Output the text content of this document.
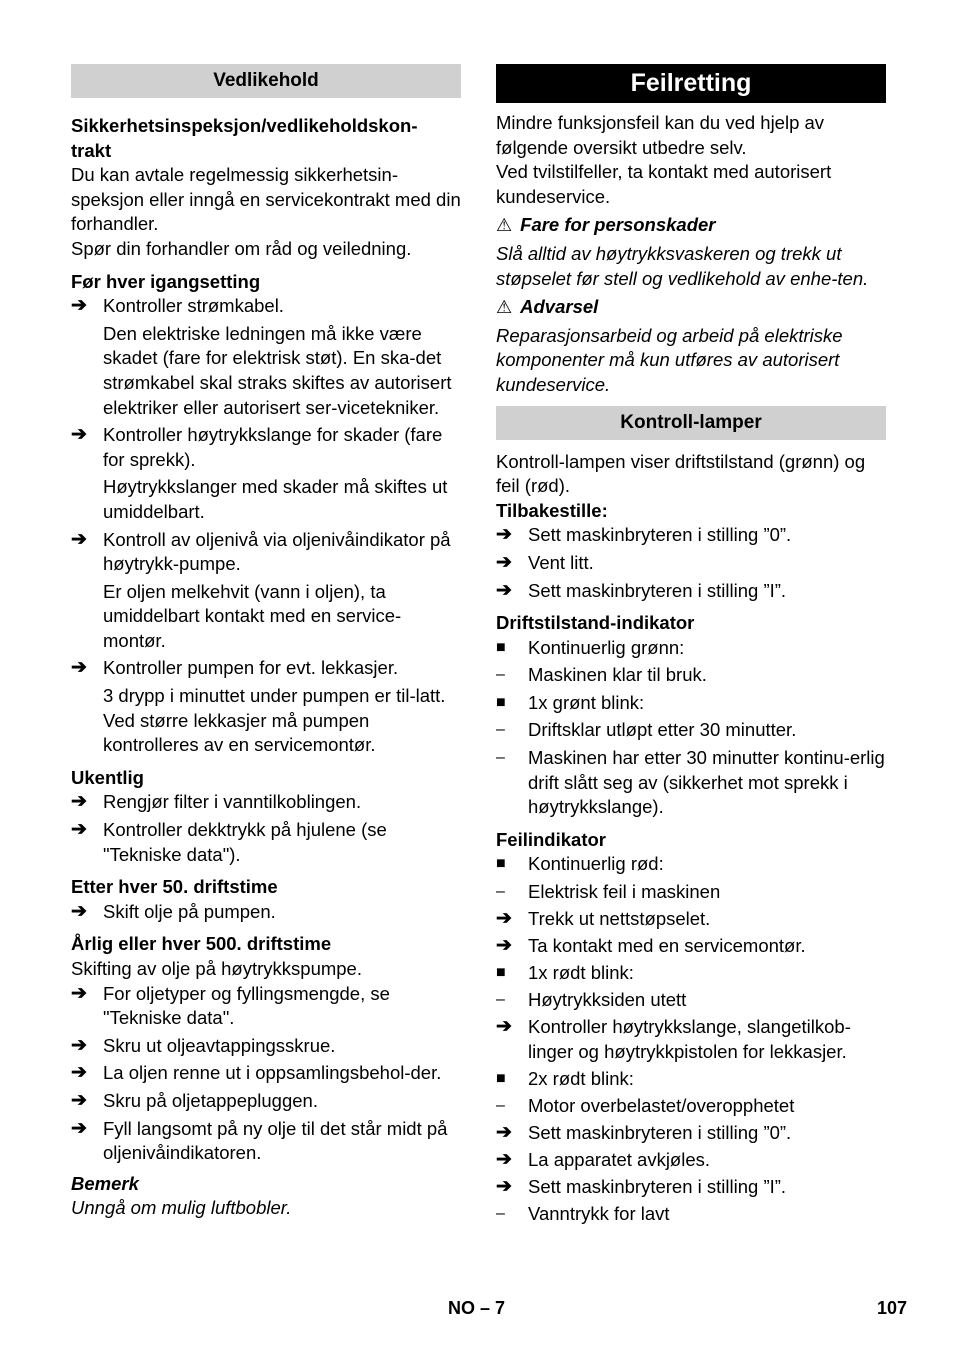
Vedlikehold
Sikkerhetsinspeksjon/vedlikeholdskon-trakt
Du kan avtale regelmessig sikkerhetsin-speksjon eller inngå en servicekontrakt med din forhandler.
Spør din forhandler om råd og veiledning.
Før hver igangsetting
➔ Kontroller strømkabel.
Den elektriske ledningen må ikke være skadet (fare for elektrisk støt). En ska-det strømkabel skal straks skiftes av autorisert elektriker eller autorisert ser-vicetekniker.
➔ Kontroller høytrykkslange for skader (fare for sprekk).
Høytrykkslanger med skader må skiftes ut umiddelbart.
➔ Kontroll av oljenivå via oljenivåindikator på høytrykk-pumpe.
Er oljen melkehvit (vann i oljen), ta umiddelbart kontakt med en service-montør.
➔ Kontroller pumpen for evt. lekkasjer.
3 drypp i minuttet under pumpen er til-latt. Ved større lekkasjer må pumpen kontrolleres av en servicemontør.
Ukentlig
➔ Rengjør filter i vanntilkoblingen.
➔ Kontroller dekktrykk på hjulene (se "Tekniske data").
Etter hver 50. driftstime
➔ Skift olje på pumpen.
Årlig eller hver 500. driftstime
Skifting av olje på høytrykkspumpe.
➔ For oljetyper og fyllingsmengde, se "Tekniske data".
➔ Skru ut oljeavtappingsskrue.
➔ La oljen renne ut i oppsamlingsbehol-der.
➔ Skru på oljetappepluggen.
➔ Fyll langsomt på ny olje til det står midt på oljenivåindikatoren.
Bemerk
Unngå om mulig luftbobler.
Feilretting
Mindre funksjonsfeil kan du ved hjelp av følgende oversikt utbedre selv.
Ved tvilstilfeller, ta kontakt med autorisert kundeservice.
⚠ Fare for personskader
Slå alltid av høytrykksvaskeren og trekk ut støpselet før stell og vedlikehold av enhe-ten.
⚠ Advarsel
Reparasjonsarbeid og arbeid på elektriske komponenter må kun utføres av autorisert kundeservice.
Kontroll-lamper
Kontroll-lampen viser driftstilstand (grønn) og feil (rød).
Tilbakestille:
➔ Sett maskinbryteren i stilling ”0”.
➔ Vent litt.
➔ Sett maskinbryteren i stilling ”I”.
Driftstilstand-indikator
■	Kontinuerlig grønn:
–	Maskinen klar til bruk.
■	1x grønt blink:
–	Driftsklar utløpt etter 30 minutter.
–	Maskinen har etter 30 minutter kontinu-erlig drift slått seg av (sikkerhet mot sprekk i høytrykkslange).
Feilindikator
■	Kontinuerlig rød:
–	Elektrisk feil i maskinen
➔ Trekk ut nettstøpselet.
➔ Ta kontakt med en servicemontør.
■	1x rødt blink:
–	Høytrykksiden utett
➔ Kontroller høytrykkslange, slangetilkob-linger og høytrykkpistolen for lekkasjer.
■	2x rødt blink:
–	Motor overbelastet/overopphetet
➔ Sett maskinbryteren i stilling ”0”.
➔ La apparatet avkjøles.
➔ Sett maskinbryteren i stilling ”I”.
–	Vanntrykk for lavt
NO – 7	107
